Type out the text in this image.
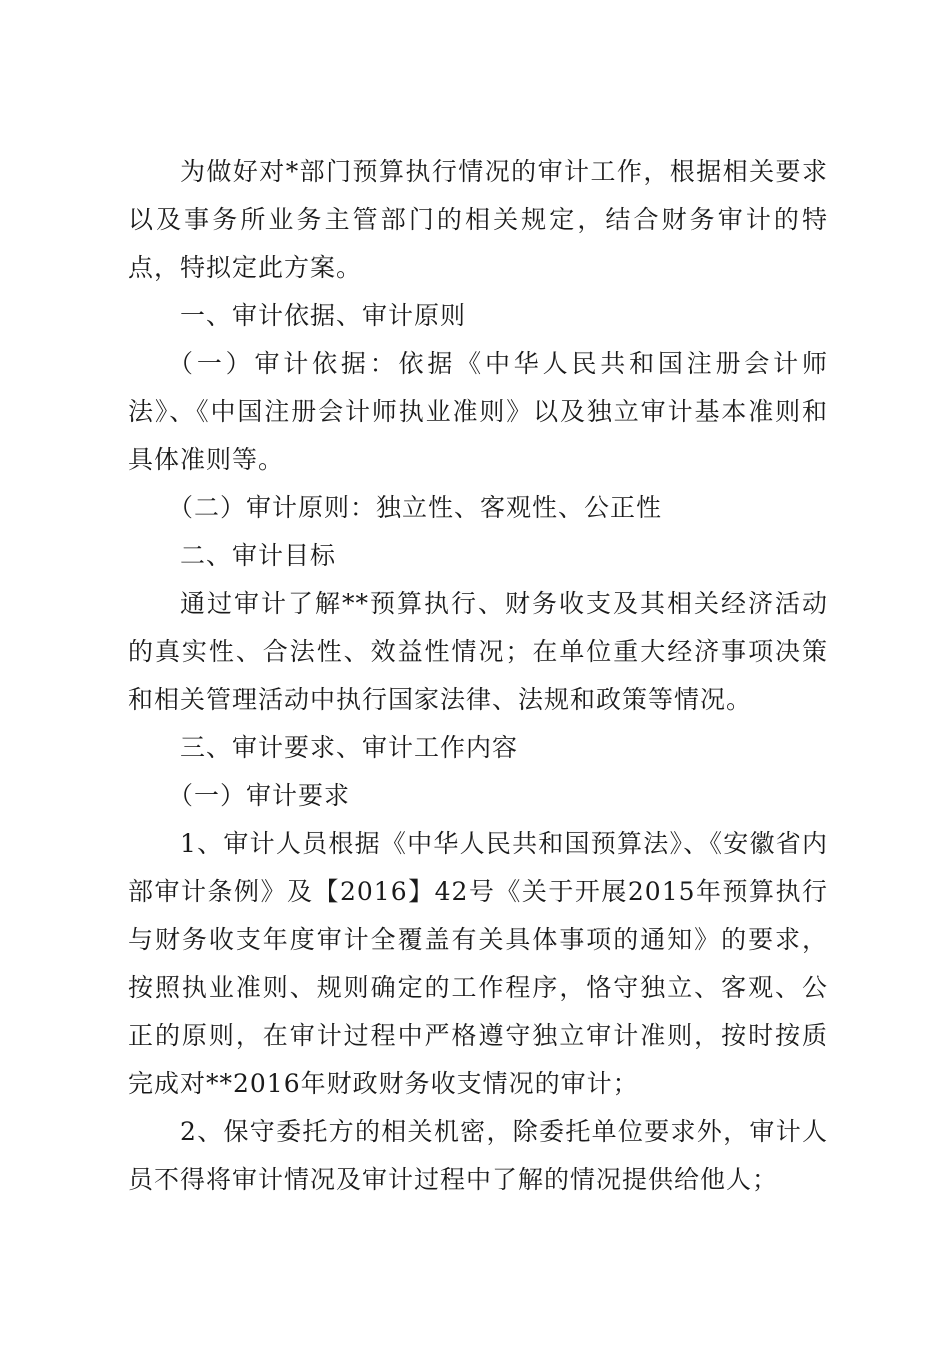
为做好对*部门预算执行情况的审计工作，根据相关要求以及事务所业务主管部门的相关规定，结合财务审计的特点，特拟定此方案。

一、审计依据、审计原则

（一）审计依据：依据《中华人民共和国注册会计师法》、《中国注册会计师执业准则》以及独立审计基本准则和具体准则等。

（二）审计原则：独立性、客观性、公正性

二、审计目标

通过审计了解**预算执行、财务收支及其相关经济活动的真实性、合法性、效益性情况；在单位重大经济事项决策和相关管理活动中执行国家法律、法规和政策等情况。

三、审计要求、审计工作内容

（一）审计要求

1、审计人员根据《中华人民共和国预算法》、《安徽省内部审计条例》及【2016】42号《关于开展2015年预算执行与财务收支年度审计全覆盖有关具体事项的通知》的要求，按照执业准则、规则确定的工作程序，恪守独立、客观、公正的原则，在审计过程中严格遵守独立审计准则，按时按质完成对**2016年财政财务收支情况的审计；

2、保守委托方的相关机密，除委托单位要求外，审计人员不得将审计情况及审计过程中了解的情况提供给他人；
